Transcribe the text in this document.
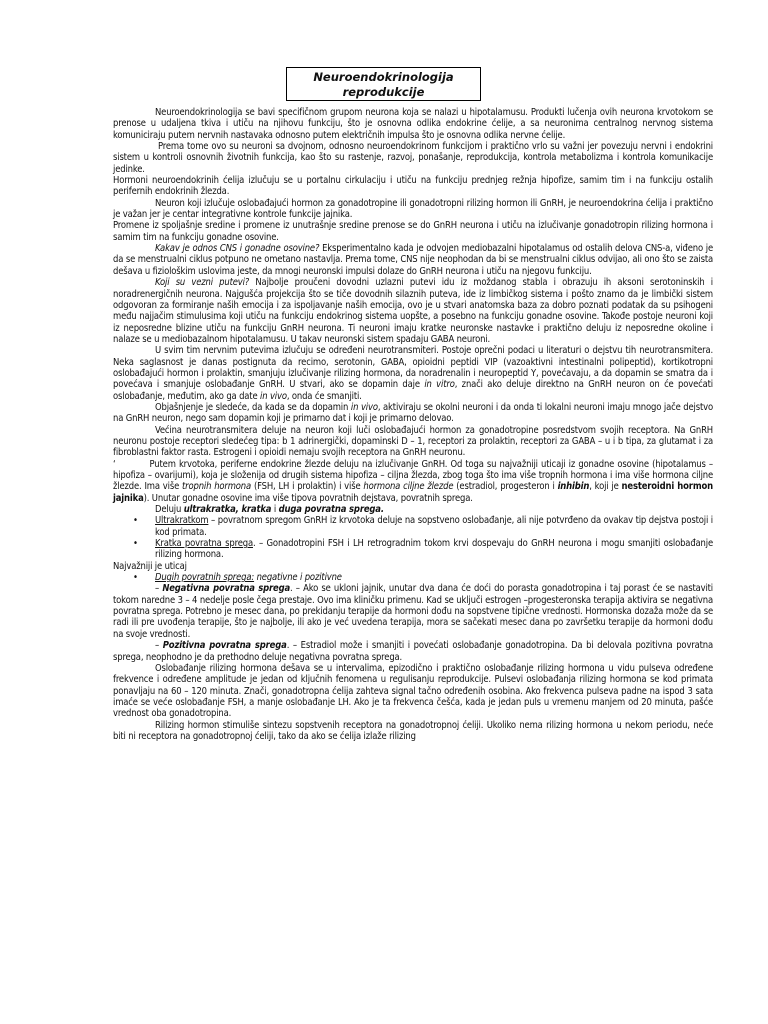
Neuroendokrinologija
reprodukcije

Neuroendokrinologija se bavi specifičnom grupom neurona koja se nalazi u hipotalamusu. Produkti lučenja ovih neurona krvotokom se prenose u udaljena tkiva i utiču na njihovu funkciju, što je osnovna odlika endokrine ćelije, a sa neuronima centralnog nervnog sistema komuniciraju putem nervnih nastavaka odnosno putem električnih impulsa što je osnovna odlika nervne ćelije.

Prema tome ovo su neuroni sa dvojnom, odnosno neuroendokrinom funkcijom i praktično vrlo su važni jer povezuju nervni i endokrini sistem u kontroli osnovnih životnih funkcija, kao što su rastenje, razvoj, ponašanje, reprodukcija, kontrola metabolizma i kontrola komunikacije jedinke.

Hormoni neuroendokrinih ćelija izlučuju se u portalnu cirkulaciju i utiču na funkciju prednjeg režnja hipofize, samim tim i na funkciju ostalih perifernih endokrinih žlezda.

Neuron koji izlučuje oslobađajući hormon za gonadotropine ili gonadotropni rilizing hormon ili GnRH, je neuroendokrina ćelija i praktično je važan jer je centar integrativne kontrole funkcije jajnika.

Promene iz spoljašnje sredine i promene iz unutrašnje sredine prenose se do GnRH neurona i utiču na izlučivanje gonadotropin rilizing hormona i samim tim na funkciju gonadne osovine.

Kakav je odnos CNS i gonadne osovine? Eksperimentalno kada je odvojen mediobazalni hipotalamus od ostalih delova CNS-a, viđeno je da se menstrualni ciklus potpuno ne ometano nastavlja. Prema tome, CNS nije neophodan da bi se menstrualni ciklus odvijao, ali ono što se zaista dešava u fiziološkim uslovima jeste, da mnogi neuronski impulsi dolaze do GnRH neurona i utiču na njegovu funkciju.

Koji su vezni putevi? Najbolje proučeni dovodni uzlazni putevi idu iz moždanog stabla i obrazuju ih aksoni serotoninskih i noradrenergičnih neurona. Najgušća projekcija što se tiče dovodnih silaznih puteva, ide iz limbičkog sistema i pošto znamo da je limbički sistem odgovoran za formiranje naših emocija i za ispoljavanje naših emocija, ovo je u stvari anatomska baza za dobro poznati podatak da su psihogeni među najjačim stimulusima koji utiču na funkciju endokrinog sistema uopšte, a posebno na funkciju gonadne osovine. Takođe postoje neuroni koji iz neposredne blizine utiču na funkciju GnRH neurona. Ti neuroni imaju kratke neuronske nastavke i praktično deluju iz neposredne okoline i nalaze se u mediobazalnom hipotalamusu. U takav neuronski sistem spadaju GABA neuroni.

U svim tim nervnim putevima izlučuju se određeni neurotransmiteri. Postoje oprečni podaci u literaturi o dejstvu tih neurotransmitera. Neka saglasnost je danas postignuta da recimo, serotonin, GABA, opioidni peptidi VIP (vazoaktivni intestinalni polipeptid), kortikotropni oslobađajući hormon i prolaktin, smanjuju izlučivanje rilizing hormona, da noradrenalin i neuropeptid Y, povećavaju, a da dopamin se smatra da i povećava i smanjuje oslobađanje GnRH. U stvari, ako se dopamin daje in vitro, znači ako deluje direktno na GnRH neuron on će povećati oslobađanje, međutim, ako ga date in vivo, onda će smanjiti.

Objašnjenje je sledeće, da kada se da dopamin in vivo, aktiviraju se okolni neuroni i da onda ti lokalni neuroni imaju mnogo jače dejstvo na GnRH neuron, nego sam dopamin koji je primarno dat i koji je primarno delovao.

Većina neurotransmitera deluje na neuron koji luči oslobađajući hormon za gonadotropine posredstvom svojih receptora. Na GnRH neuronu postoje receptori sledećeg tipa: b 1 adrinergički, dopaminski D – 1, receptori za prolaktin, receptori za GABA – u i b tipa, za glutamat i za fibroblastni faktor rasta. Estrogeni i opioidi nemaju svojih receptora na GnRH neuronu.

‘	Putem krvotoka, periferne endokrine žlezde deluju na izlučivanje GnRH. Od toga su najvažniji uticaji iz gonadne osovine (hipotalamus – hipofiza – ovarijumi), koja je složenija od drugih sistema hipofiza – ciljna žlezda, zbog toga što ima više tropnih hormona i ima više hormona ciljne žlezde. Ima više tropnih hormona (FSH, LH i prolaktin) i više hormona ciljne žlezde (estradiol, progesteron i inhibin, koji je nesteroidni hormon jajnika). Unutar gonadne osovine ima više tipova povratnih dejstava, povratnih sprega.

Deluju ultrakratka, kratka i duga povratna sprega.

• Ultrakratkom – povratnom spregom GnRH iz krvotoka deluje na sopstveno oslobađanje, ali nije potvrđeno da ovakav tip dejstva postoji i kod primata.
• Kratka povratna sprega. – Gonadotropini FSH i LH retrogradnim tokom krvi dospevaju do GnRH neurona i mogu smanjiti oslobađanje rilizing hormona.

Najvažniji je uticaj

• Dugih povratnih sprega: negativne i pozitivne

– Negativna povratna sprega. – Ako se ukloni jajnik, unutar dva dana će doći do porasta gonadotropina i taj porast će se nastaviti tokom naredne 3 – 4 nedelje posle čega prestaje. Ovo ima kliničku primenu. Kad se uključi estrogen –progesteronska terapija aktivira se negativna povratna sprega. Potrebno je mesec dana, po prekidanju terapije da hormoni dođu na sopstvene tipične vrednosti. Hormonska dozaža može da se radi ili pre uvođenja terapije, što je najbolje, ili ako je već uvedena terapija, mora se sačekati mesec dana po završetku terapije da hormoni dođu na svoje vrednosti.

– Pozitivna povratna sprega. – Estradiol može i smanjiti i povećati oslobađanje gonadotropina. Da bi delovala pozitivna povratna sprega, neophodno je da prethodno deluje negativna povratna sprega.

Oslobađanje rilizing hormona dešava se u intervalima, epizodično i praktično oslobađanje rilizing hormona u vidu pulseva određene frekvence i određene amplitude je jedan od ključnih fenomena u regulisanju reprodukcije. Pulsevi oslobađanja rilizing hormona se kod primata ponavljaju na 60 – 120 minuta. Znači, gonadotropna ćelija zahteva signal tačno određenih osobina. Ako frekvenca pulseva padne na ispod 3 sata imaće se veće oslobađanje FSH, a manje oslobađanje LH. Ako je ta frekvenca češća, kada je jedan puls u vremenu manjem od 20 minuta, pašće vrednost oba gonadotropina.

Rilizing hormon stimuliše sintezu sopstvenih receptora na gonadotropnoj ćeliji. Ukoliko nema rilizing hormona u nekom periodu, neće biti ni receptora na gonadotropnoj ćeliji, tako da ako se ćelija izlaže rilizing
